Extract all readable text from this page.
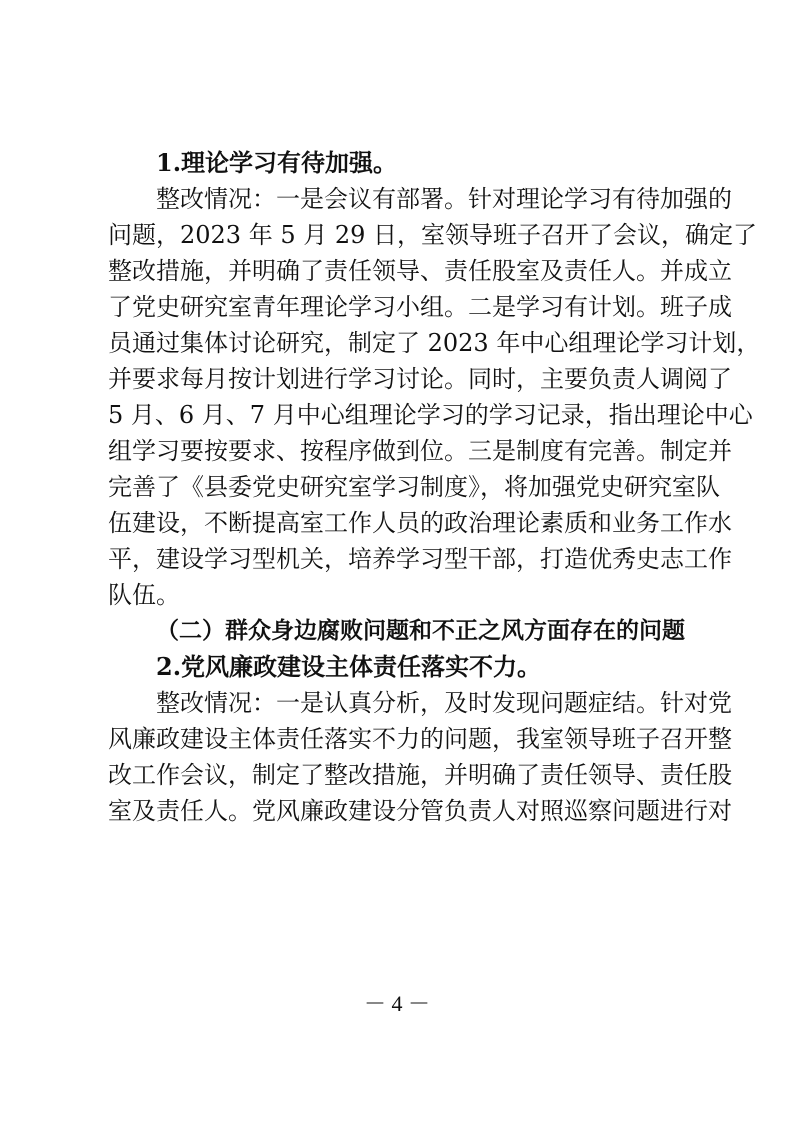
1.理论学习有待加强。
整改情况：一是会议有部署。针对理论学习有待加强的
问题，2023 年 5 月 29 日，室领导班子召开了会议，确定了
整改措施，并明确了责任领导、责任股室及责任人。并成立
了党史研究室青年理论学习小组。二是学习有计划。班子成
员通过集体讨论研究，制定了 2023 年中心组理论学习计划，
并要求每月按计划进行学习讨论。同时，主要负责人调阅了
5 月、6 月、7 月中心组理论学习的学习记录，指出理论中心
组学习要按要求、按程序做到位。三是制度有完善。制定并
完善了《县委党史研究室学习制度》，将加强党史研究室队
伍建设，不断提高室工作人员的政治理论素质和业务工作水
平，建设学习型机关，培养学习型干部，打造优秀史志工作
队伍。
（二）群众身边腐败问题和不正之风方面存在的问题
2.党风廉政建设主体责任落实不力。
整改情况：一是认真分析，及时发现问题症结。针对党
风廉政建设主体责任落实不力的问题，我室领导班子召开整
改工作会议，制定了整改措施，并明确了责任领导、责任股
室及责任人。党风廉政建设分管负责人对照巡察问题进行对
－ 4 －
